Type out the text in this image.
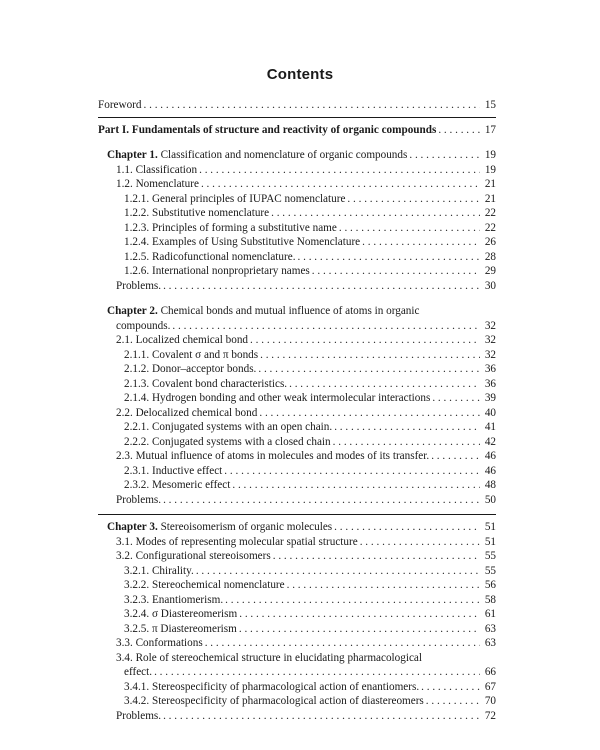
Contents
Foreword . . .	15
Part I. Fundamentals of structure and reactivity of organic compounds . . .	17
Chapter 1. Classification and nomenclature of organic compounds . . .	19
1.1. Classification . . .	19
1.2. Nomenclature . . .	21
1.2.1. General principles of IUPAC nomenclature . . .	21
1.2.2. Substitutive nomenclature . . .	22
1.2.3. Principles of forming a substitutive name . . .	22
1.2.4. Examples of Using Substitutive Nomenclature . . .	26
1.2.5. Radicofunctional nomenclature. . . .	28
1.2.6. International nonproprietary names . . .	29
Problems. . . .	30
Chapter 2. Chemical bonds and mutual influence of atoms in organic
compounds. . . .	32
2.1. Localized chemical bond . . .	32
2.1.1. Covalent σ and π bonds . . .	32
2.1.2. Donor–acceptor bonds. . . .	36
2.1.3. Covalent bond characteristics. . . .	36
2.1.4. Hydrogen bonding and other weak intermolecular interactions . . .	39
2.2. Delocalized chemical bond . . .	40
2.2.1. Conjugated systems with an open chain. . . .	41
2.2.2. Conjugated systems with a closed chain . . .	42
2.3. Mutual influence of atoms in molecules and modes of its transfer. . . .	46
2.3.1. Inductive effect . . .	46
2.3.2. Mesomeric effect . . .	48
Problems. . . .	50
Chapter 3. Stereoisomerism of organic molecules . . .	51
3.1. Modes of representing molecular spatial structure . . .	51
3.2. Configurational stereoisomers . . .	55
3.2.1. Chirality. . . .	55
3.2.2. Stereochemical nomenclature . . .	56
3.2.3. Enantiomerism. . . .	58
3.2.4. σ Diastereomerism . . .	61
3.2.5. π Diastereomerism . . .	63
3.3. Conformations . . .	63
3.4. Role of stereochemical structure in elucidating pharmacological
effect. . . .	66
3.4.1. Stereospecificity of pharmacological action of enantiomers. . . .	67
3.4.2. Stereospecificity of pharmacological action of diastereomers . . .	70
Problems. . . .	72
